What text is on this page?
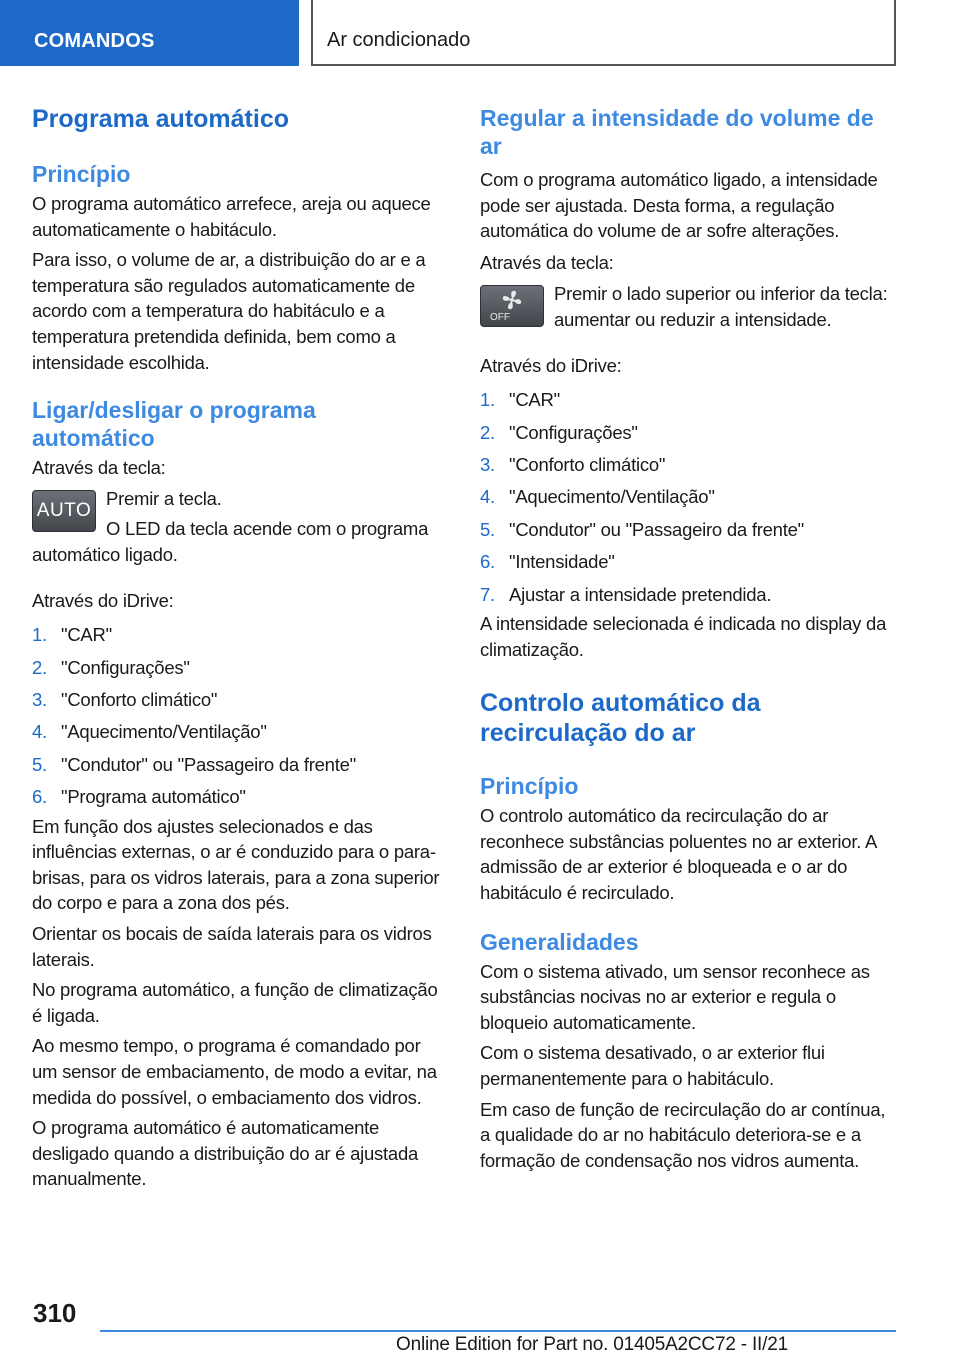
COMANDOS	Ar condicionado
Programa automático
Princípio

O programa automático arrefece, areja ou aquece automaticamente o habitáculo.

Para isso, o volume de ar, a distribuição do ar e a temperatura são regulados automaticamente de acordo com a temperatura do habitáculo e a temperatura pretendida definida, bem como a intensidade escolhida.

Ligar/desligar o programa automático

Através da tecla:

AUTO

Premir a tecla.

O LED da tecla acende com o programa automático ligado.

Através do iDrive:

1. "CAR"
2. "Configurações"
3. "Conforto climático"
4. "Aquecimento/Ventilação"
5. "Condutor" ou "Passageiro da frente"
6. "Programa automático"

Em função dos ajustes selecionados e das influências externas, o ar é conduzido para o para-brisas, para os vidros laterais, para a zona superior do corpo e para a zona dos pés.

Orientar os bocais de saída laterais para os vidros laterais.

No programa automático, a função de climatização é ligada.

Ao mesmo tempo, o programa é comandado por um sensor de embaciamento, de modo a evitar, na medida do possível, o embaciamento dos vidros.

O programa automático é automaticamente desligado quando a distribuição do ar é ajustada manualmente.

Regular a intensidade do volume de ar

Com o programa automático ligado, a intensidade pode ser ajustada. Desta forma, a regulação automática do volume de ar sofre alterações.

Através da tecla:

OFF

Premir o lado superior ou inferior da tecla: aumentar ou reduzir a intensidade.

Através do iDrive:

1. "CAR"
2. "Configurações"
3. "Conforto climático"
4. "Aquecimento/Ventilação"
5. "Condutor" ou "Passageiro da frente"
6. "Intensidade"
7. Ajustar a intensidade pretendida.

A intensidade selecionada é indicada no display da climatização.

Controlo automático da recirculação do ar
Princípio

O controlo automático da recirculação do ar reconhece substâncias poluentes no ar exterior. A admissão de ar exterior é bloqueada e o ar do habitáculo é recirculado.

Generalidades

Com o sistema ativado, um sensor reconhece as substâncias nocivas no ar exterior e regula o bloqueio automaticamente.

Com o sistema desativado, o ar exterior flui permanentemente para o habitáculo.

Em caso de função de recirculação do ar contínua, a qualidade do ar no habitáculo deteriora-se e a formação de condensação nos vidros aumenta.

310
Online Edition for Part no. 01405A2CC72 - II/21
